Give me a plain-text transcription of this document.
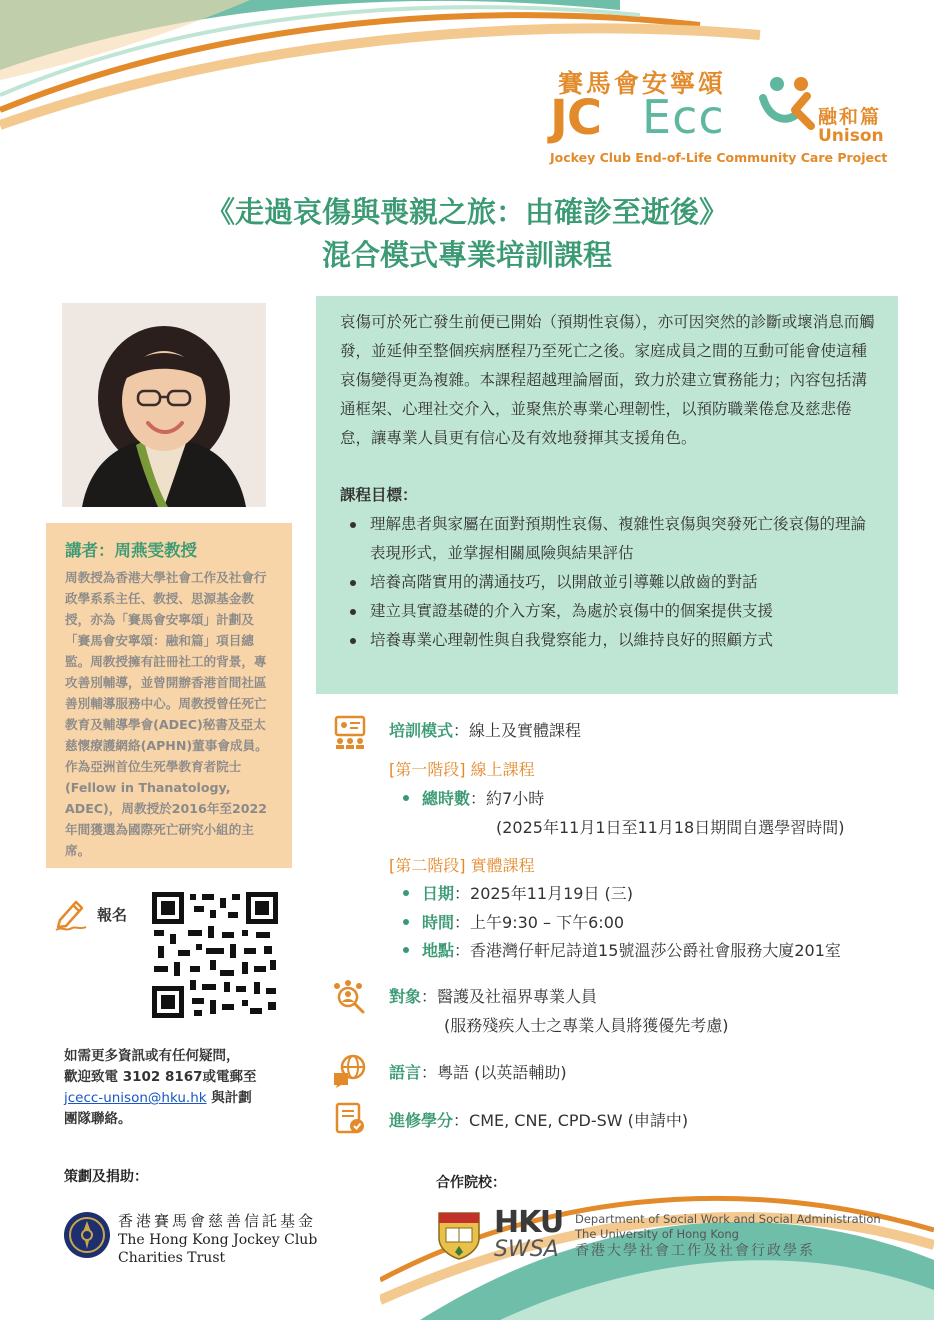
賽馬會安寧頌
JC Ecc	融和篇
Unison
Jockey Club End-of-Life Community Care Project
《走過哀傷與喪親之旅：由確診至逝後》
混合模式專業培訓課程
講者：周燕雯教授
周教授為香港大學社會工作及社會行政學系系主任、教授、思源基金教授，亦為「賽馬會安寧頌」計劃及「賽馬會安寧頌：融和篇」項目總監。周教授擁有註冊社工的背景，專攻善別輔導，並曾開辦香港首間社區善別輔導服務中心。周教授曾任死亡教育及輔導學會(ADEC)秘書及亞太慈懷療護網絡(APHN)董事會成員。作為亞洲首位生死學教育者院士(Fellow in Thanatology, ADEC)，周教授於2016年至2022年間獲選為國際死亡研究小組的主席。
哀傷可於死亡發生前便已開始（預期性哀傷），亦可因突然的診斷或壞消息而觸發，並延伸至整個疾病歷程乃至死亡之後。家庭成員之間的互動可能會使這種哀傷變得更為複雜。本課程超越理論層面，致力於建立實務能力；內容包括溝通框架、心理社交介入，並聚焦於專業心理韌性，以預防職業倦怠及慈悲倦怠，讓專業人員更有信心及有效地發揮其支援角色。
課程目標：
理解患者與家屬在面對預期性哀傷、複雜性哀傷與突發死亡後哀傷的理論表現形式，並掌握相關風險與結果評估
培養高階實用的溝通技巧，以開啟並引導難以啟齒的對話
建立具實證基礎的介入方案，為處於哀傷中的個案提供支援
培養專業心理韌性與自我覺察能力，以維持良好的照顧方式
報名
如需更多資訊或有任何疑問，
歡迎致電 3102 8167或電郵至
jcecc-unison@hku.hk 與計劃
團隊聯絡。
培訓模式：線上及實體課程
[第一階段] 線上課程
總時數：約7小時
(2025年11月1日至11月18日期間自選學習時間)
[第二階段] 實體課程
日期：2025年11月19日 (三)
時間：上午9:30 – 下午6:00
地點：香港灣仔軒尼詩道15號溫莎公爵社會服務大廈201室
對象：醫護及社福界專業人員
(服務殘疾人士之專業人員將獲優先考慮)
語言：粵語 (以英語輔助)
進修學分：CME, CNE, CPD-SW (申請中)
策劃及捐助：
香港賽馬會慈善信託基金
The Hong Kong Jockey Club
Charities Trust
合作院校：
HKU
SWSA
Department of Social Work and Social Administration
The University of Hong Kong
香港大學社會工作及社會行政學系
